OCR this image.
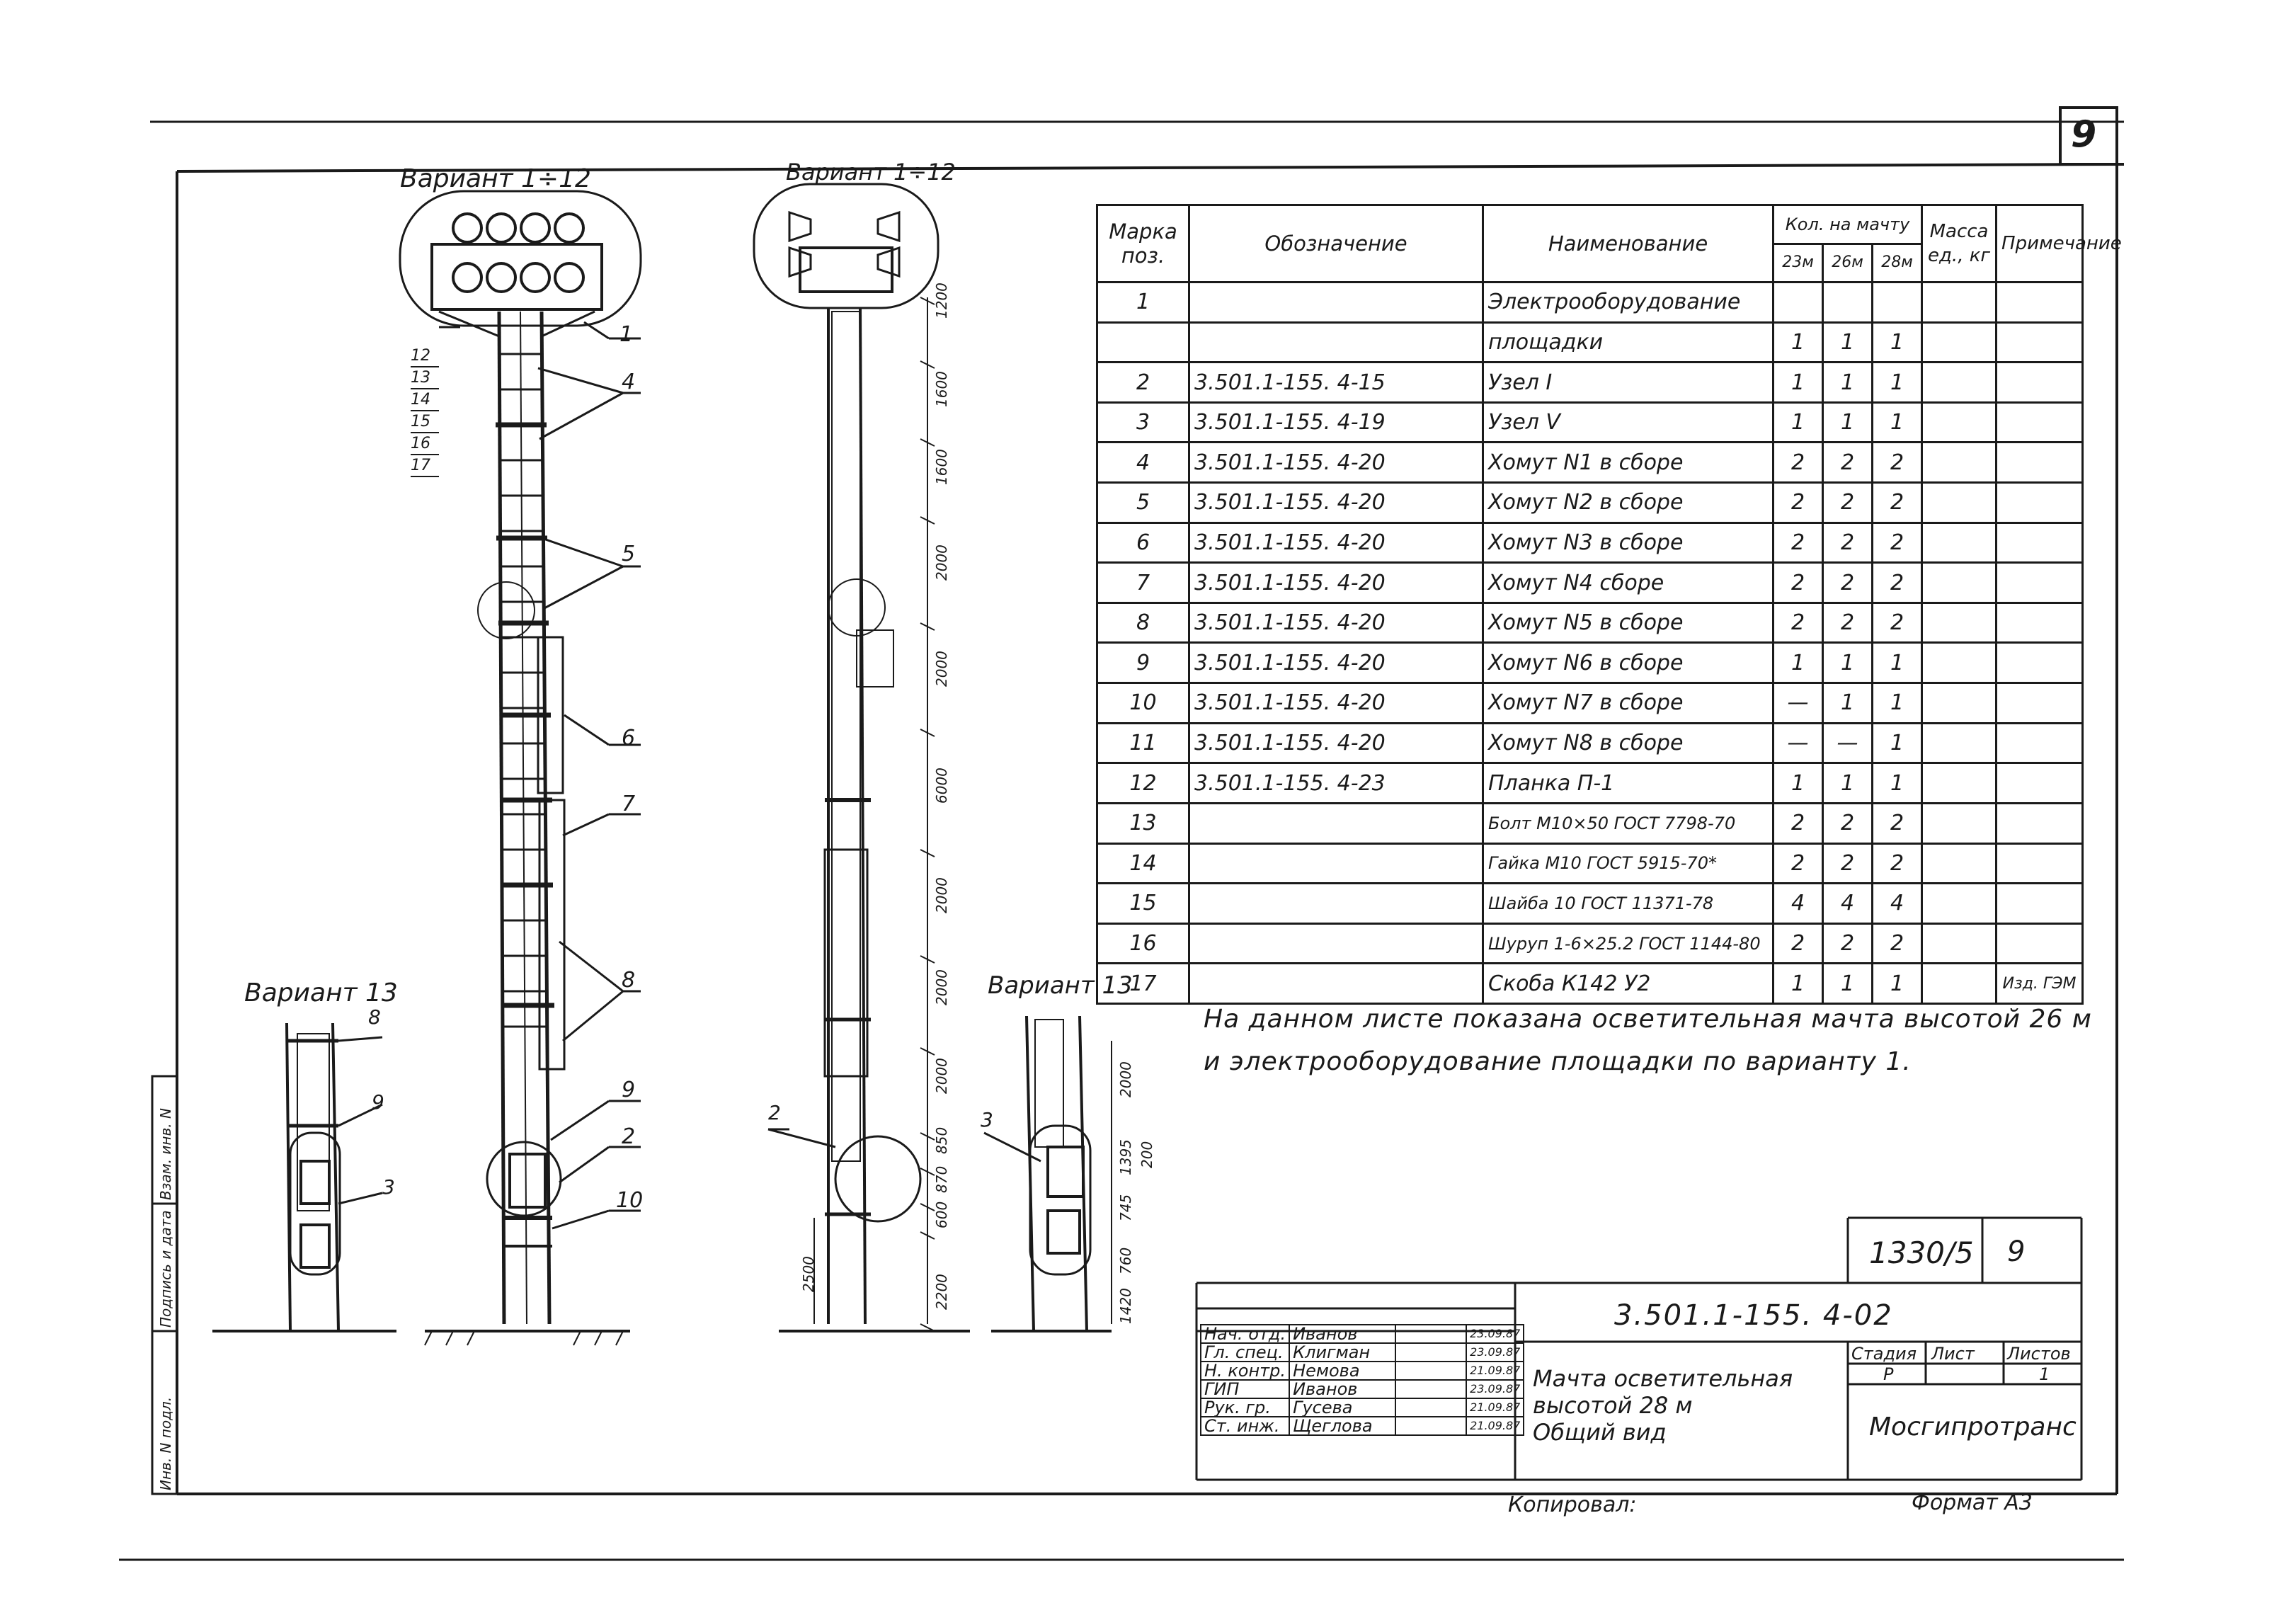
9
Вариант 1÷12	Вариант 1÷12
Вариант 13	Вариант 13
1
4
5
6
7
8
9
2
10
12
13
14
15
16
17
8
9
3
2	3
1200
1600
1600
2000
2000
6000
2000
2000
2000
850
870
600
2200
2500
2000
1395 200
745
760
1420
Инв. N подл.
Подпись и дата
Взам. инв. N
Марка поз.	Обозначение	Наименование	Кол. на мачту			Масса ед., кг	Примечание
			23м	26м	28м		
1		Электрооборудование					
		площадки	1	1	1		
2	3.501.1-155. 4-15	Узел I	1	1	1		
3	3.501.1-155. 4-19	Узел V	1	1	1		
4	3.501.1-155. 4-20	Хомут N1 в сборе	2	2	2		
5	3.501.1-155. 4-20	Хомут N2 в сборе	2	2	2		
6	3.501.1-155. 4-20	Хомут N3 в сборе	2	2	2		
7	3.501.1-155. 4-20	Хомут N4 сборе	2	2	2		
8	3.501.1-155. 4-20	Хомут N5 в сборе	2	2	2		
9	3.501.1-155. 4-20	Хомут N6 в сборе	1	1	1		
10	3.501.1-155. 4-20	Хомут N7 в сборе	—	1	1		
11	3.501.1-155. 4-20	Хомут N8 в сборе	—	—	1		
12	3.501.1-155. 4-23	Планка П-1	1	1	1		
13		Болт М10×50 ГОСТ 7798-70	2	2	2		
14		Гайка М10 ГОСТ 5915-70*	2	2	2		
15		Шайба 10 ГОСТ 11371-78	4	4	4		
16		Шуруп 1-6×25.2 ГОСТ 1144-80	2	2	2		
17		Скоба К142 У2	1	1	1		Изд. ГЭМ
На данном листе показана осветительная мачта высотой 26 м
и электрооборудование площадки по варианту 1.
1330/5 9
3.501.1-155. 4-02
Мачта осветительная
высотой 28 м
Общий вид
Стадия Лист Листов
Р	1
Мосгипротранс
Нач. отд.	Иванов		23.09.87
Гл. спец.	Клигман		23.09.87
Н. контр.	Немова		21.09.87
ГИП	Иванов		23.09.87
Рук. гр.	Гусева		21.09.87
Ст. инж.	Щеглова		21.09.87
Копировал:	Формат А3
